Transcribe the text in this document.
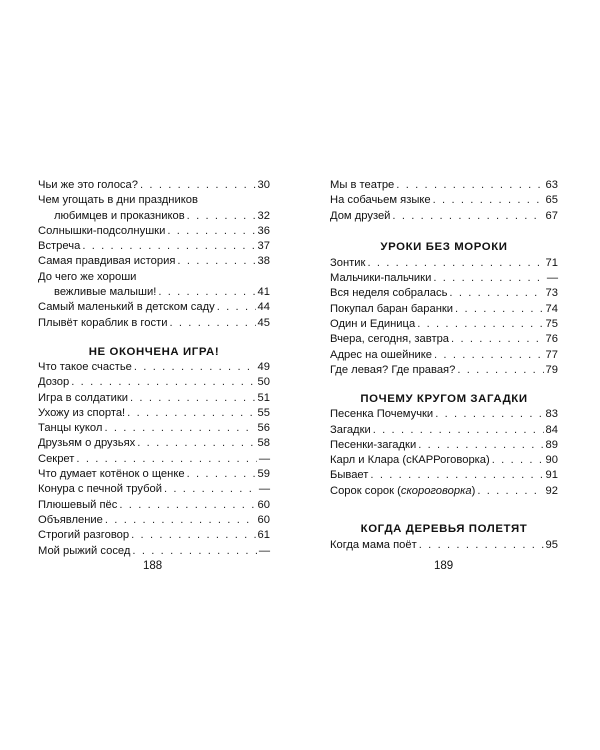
Чьи же это голоса? . . .	30
Чем угощать в дни праздников
любимцев и проказников . . .	32
Солнышки-подсолнушки . . .	36
Встреча . . .	37
Самая правдивая история . . .	38
До чего же хороши
вежливые малыши! . . .	41
Самый маленький в детском саду . . .	44
Плывёт кораблик в гости . . .	45
НЕ ОКОНЧЕНА ИГРА!
Что такое счастье . . .	49
Дозор . . .	50
Игра в солдатики . . .	51
Ухожу из спорта! . . .	55
Танцы кукол . . .	56
Друзьям о друзьях . . .	58
Секрет . . .	—
Что думает котёнок о щенке . . .	59
Конура с печной трубой . . .	—
Плюшевый пёс . . .	60
Объявление . . .	60
Строгий разговор . . .	61
Мой рыжий сосед . . .	—
188
Мы в театре . . .	63
На собачьем языке . . .	65
Дом друзей . . .	67
УРОКИ БЕЗ МОРОКИ
Зонтик . . .	71
Мальчики-пальчики . . .	—
Вся неделя собралась . . .	73
Покупал баран баранки . . .	74
Один и Единица . . .	75
Вчера, сегодня, завтра . . .	76
Адрес на ошейнике . . .	77
Где левая? Где правая? . . .	79
ПОЧЕМУ КРУГОМ ЗАГАДКИ
Песенка Почемучки . . .	83
Загадки . . .	84
Песенки-загадки . . .	89
Карл и Клара (сКАРРоговорка) . . .	90
Бывает . . .	91
Сорок сорок (скороговорка) . . .	92
КОГДА ДЕРЕВЬЯ ПОЛЕТЯТ
Когда мама поёт . . .	95
189
